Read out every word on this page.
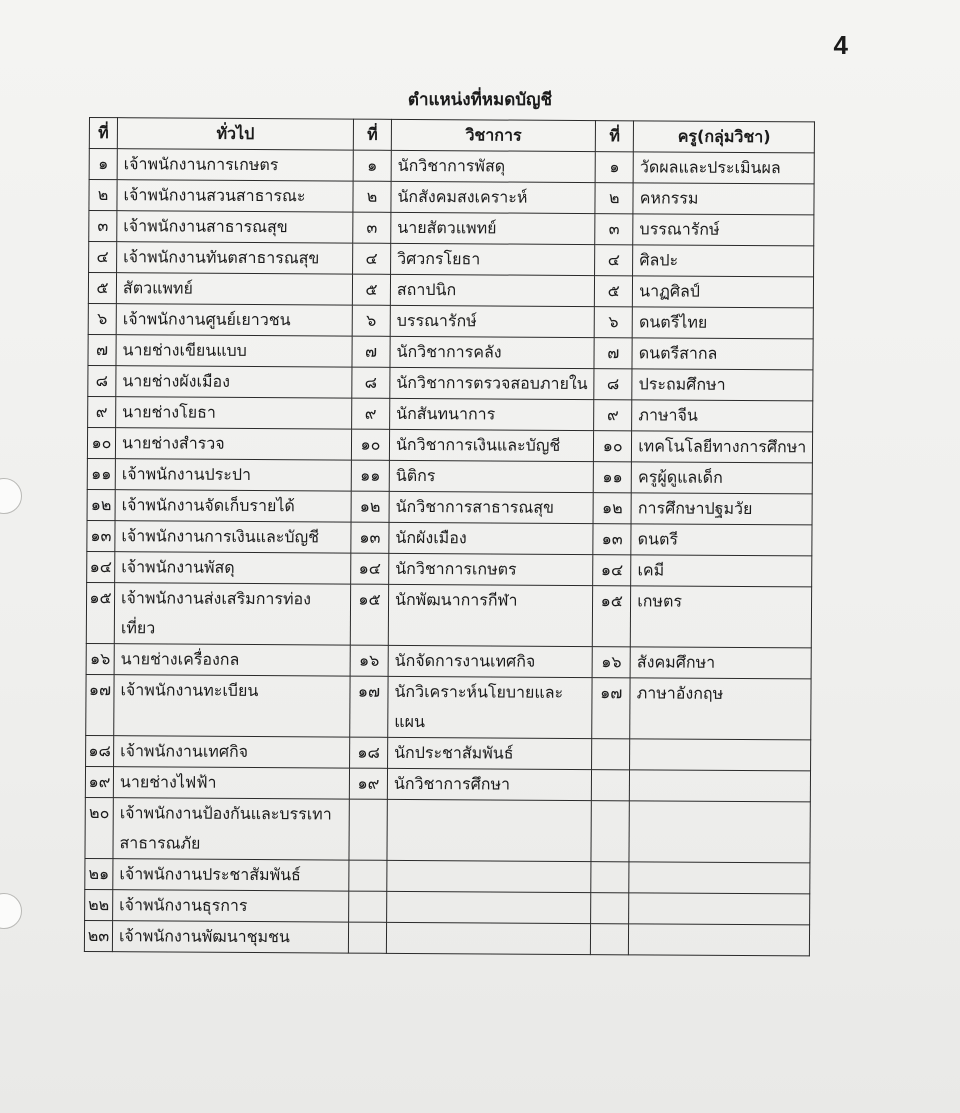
4
ตำแหน่งที่หมดบัญชี
ที่	ทั่วไป	ที่	วิชาการ	ที่	ครู(กลุ่มวิชา)
๑	เจ้าพนักงานการเกษตร	๑	นักวิชาการพัสดุ	๑	วัดผลและประเมินผล
๒	เจ้าพนักงานสวนสาธารณะ	๒	นักสังคมสงเคราะห์	๒	คหกรรม
๓	เจ้าพนักงานสาธารณสุข	๓	นายสัตวแพทย์	๓	บรรณารักษ์
๔	เจ้าพนักงานทันตสาธารณสุข	๔	วิศวกรโยธา	๔	ศิลปะ
๕	สัตวแพทย์	๕	สถาปนิก	๕	นาฏศิลป์
๖	เจ้าพนักงานศูนย์เยาวชน	๖	บรรณารักษ์	๖	ดนตรีไทย
๗	นายช่างเขียนแบบ	๗	นักวิชาการคลัง	๗	ดนตรีสากล
๘	นายช่างผังเมือง	๘	นักวิชาการตรวจสอบภายใน	๘	ประถมศึกษา
๙	นายช่างโยธา	๙	นักสันทนาการ	๙	ภาษาจีน
๑๐	นายช่างสำรวจ	๑๐	นักวิชาการเงินและบัญชี	๑๐	เทคโนโลยีทางการศึกษา
๑๑	เจ้าพนักงานประปา	๑๑	นิติกร	๑๑	ครูผู้ดูแลเด็ก
๑๒	เจ้าพนักงานจัดเก็บรายได้	๑๒	นักวิชาการสาธารณสุข	๑๒	การศึกษาปฐมวัย
๑๓	เจ้าพนักงานการเงินและบัญชี	๑๓	นักผังเมือง	๑๓	ดนตรี
๑๔	เจ้าพนักงานพัสดุ	๑๔	นักวิชาการเกษตร	๑๔	เคมี
๑๕	เจ้าพนักงานส่งเสริมการท่องเที่ยว	๑๕	นักพัฒนาการกีฬา	๑๕	เกษตร
๑๖	นายช่างเครื่องกล	๑๖	นักจัดการงานเทศกิจ	๑๖	สังคมศึกษา
๑๗	เจ้าพนักงานทะเบียน	๑๗	นักวิเคราะห์นโยบายและแผน	๑๗	ภาษาอังกฤษ
๑๘	เจ้าพนักงานเทศกิจ	๑๘	นักประชาสัมพันธ์		
๑๙	นายช่างไฟฟ้า	๑๙	นักวิชาการศึกษา		
๒๐	เจ้าพนักงานป้องกันและบรรเทาสาธารณภัย				
๒๑	เจ้าพนักงานประชาสัมพันธ์				
๒๒	เจ้าพนักงานธุรการ				
๒๓	เจ้าพนักงานพัฒนาชุมชน				
